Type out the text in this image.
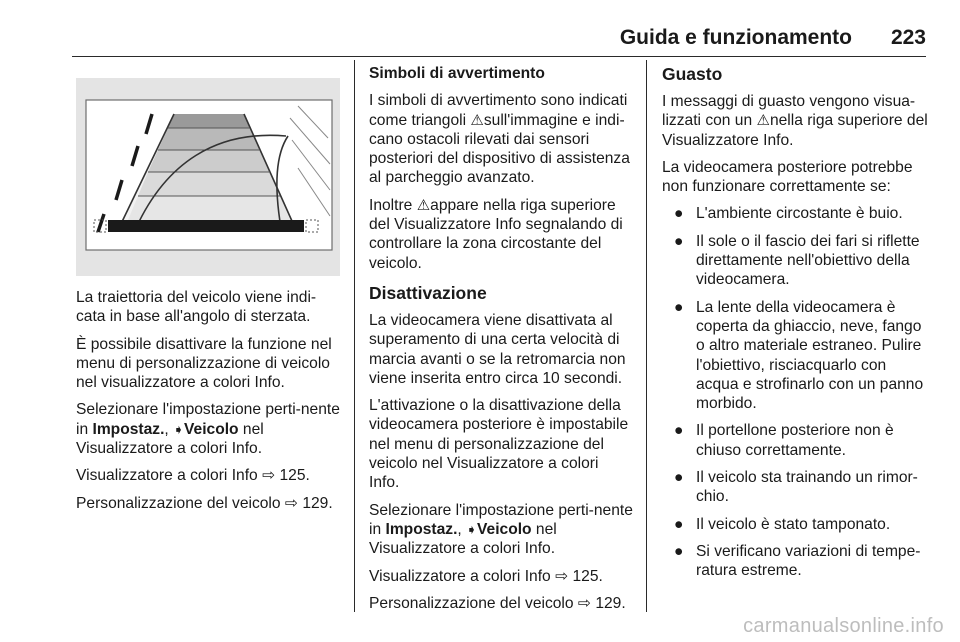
Guida e funzionamento 223

La traiettoria del veicolo viene indi-cata in base all'angolo di sterzata.

È possibile disattivare la funzione nel menu di personalizzazione di veicolo nel visualizzatore a colori Info.

Selezionare l'impostazione perti-nente in Impostaz., ➧Veicolo nel Visualizzatore a colori Info.

Visualizzatore a colori Info ⇨ 125.

Personalizzazione del veicolo ⇨ 129.

Simboli di avvertimento

I simboli di avvertimento sono indicati come triangoli ⚠sull'immagine e indi-cano ostacoli rilevati dai sensori posteriori del dispositivo di assistenza al parcheggio avanzato.

Inoltre ⚠appare nella riga superiore del Visualizzatore Info segnalando di controllare la zona circostante del veicolo.

Disattivazione

La videocamera viene disattivata al superamento di una certa velocità di marcia avanti o se la retromarcia non viene inserita entro circa 10 secondi.

L'attivazione o la disattivazione della videocamera posteriore è impostabile nel menu di personalizzazione del veicolo nel Visualizzatore a colori Info.

Selezionare l'impostazione perti-nente in Impostaz., ➧Veicolo nel Visualizzatore a colori Info.

Visualizzatore a colori Info ⇨ 125.

Personalizzazione del veicolo ⇨ 129.

Guasto

I messaggi di guasto vengono visua-lizzati con un ⚠nella riga superiore del Visualizzatore Info.

La videocamera posteriore potrebbe non funzionare correttamente se:

● L'ambiente circostante è buio.
● Il sole o il fascio dei fari si riflette direttamente nell'obiettivo della videocamera.
● La lente della videocamera è coperta da ghiaccio, neve, fango o altro materiale estraneo. Pulire l'obiettivo, risciacquarlo con acqua e strofinarlo con un panno morbido.
● Il portellone posteriore non è chiuso correttamente.
● Il veicolo sta trainando un rimor-chio.
● Il veicolo è stato tamponato.
● Si verificano variazioni di tempe-ratura estreme.
carmanualsonline.info
